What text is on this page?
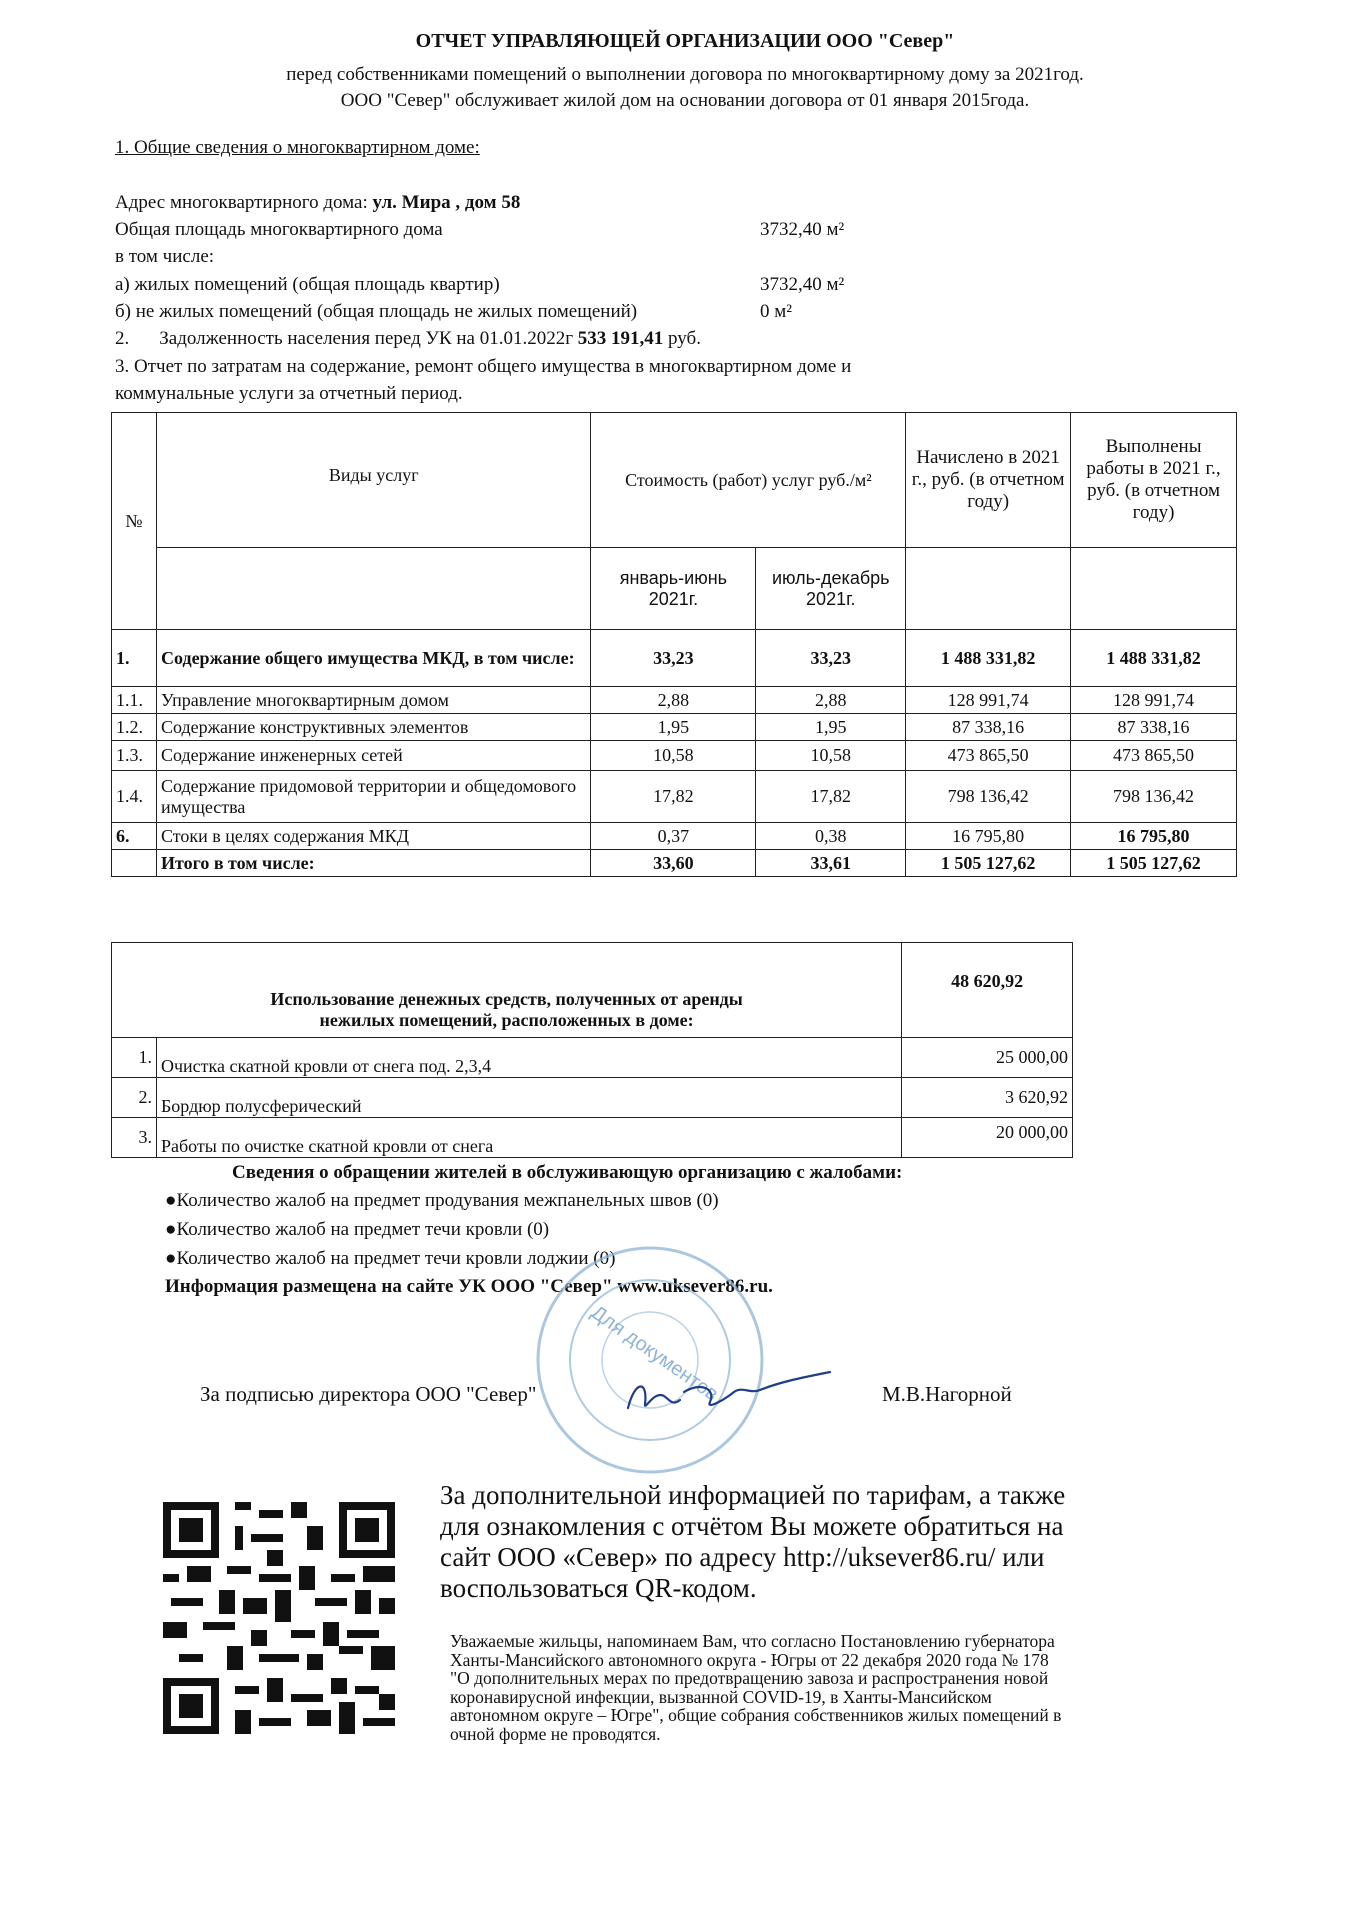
ОТЧЕТ УПРАВЛЯЮЩЕЙ ОРГАНИЗАЦИИ ООО "Север"
перед собственниками помещений о выполнении договора по многоквартирному дому за 2021год.
ООО "Север" обслуживает жилой дом на основании договора от 01 января 2015года.
1. Общие сведения о многоквартирном доме:
Адрес многоквартирного дома: ул. Мира , дом 58
Общая площадь многоквартирного дома	3732,40 м²
в том числе:
а) жилых помещений (общая площадь квартир)	3732,40 м²
б) не жилых помещений (общая площадь не жилых помещений)	0 м²
2. Задолженность населения перед УК на 01.01.2022г 533 191,41 руб.
3. Отчет по затратам на содержание, ремонт общего имущества в многоквартирном доме и
коммунальные услуги за отчетный период.
№	Виды услуг	Стоимость (работ) услуг руб./м²		Начислено в 2021 г., руб. (в отчетном году)	Выполнены работы в 2021 г., руб. (в отчетном году)
		январь-июнь 2021г.	июль-декабрь 2021г.		
1.	Содержание общего имущества МКД, в том числе:	33,23	33,23	1 488 331,82	1 488 331,82
1.1.	Управление многоквартирным домом	2,88	2,88	128 991,74	128 991,74
1.2.	Содержание конструктивных элементов	1,95	1,95	87 338,16	87 338,16
1.3.	Содержание инженерных сетей	10,58	10,58	473 865,50	473 865,50
1.4.	Содержание придомовой территории и общедомового имущества	17,82	17,82	798 136,42	798 136,42
6.	Стоки в целях содержания МКД	0,37	0,38	16 795,80	16 795,80
	Итого в том числе:	33,60	33,61	1 505 127,62	1 505 127,62
Использование денежных средств, полученных от аренды нежилых помещений, расположенных в доме:		48 620,92
1.	Очистка скатной кровли от снега под. 2,3,4	25 000,00
2.	Бордюр полусферический	3 620,92
3.	Работы по очистке скатной кровли от снега	20 000,00
Сведения о обращении жителей в обслуживающую организацию с жалобами:
●Количество жалоб на предмет продувания межпанельных швов (0)
●Количество жалоб на предмет течи кровли (0)
●Количество жалоб на предмет течи кровли лоджии (0)
Информация размещена на сайте УК ООО "Север" www.uksever86.ru.
Для документов
За подписью директора ООО "Север"	М.В.Нагорной
За дополнительной информацией по тарифам, а также
для ознакомления с отчётом Вы можете обратиться на
сайт ООО «Север» по адресу http://uksever86.ru/ или
воспользоваться QR-кодом.
Уважаемые жильцы, напоминаем Вам, что согласно Постановлению губернатора
Ханты-Мансийского автономного округа - Югры от 22 декабря 2020 года № 178
"О дополнительных мерах по предотвращению завоза и распространения новой
коронавирусной инфекции, вызванной COVID-19, в Ханты-Мансийском
автономном округе – Югре", общие собрания собственников жилых помещений в
очной форме не проводятся.
